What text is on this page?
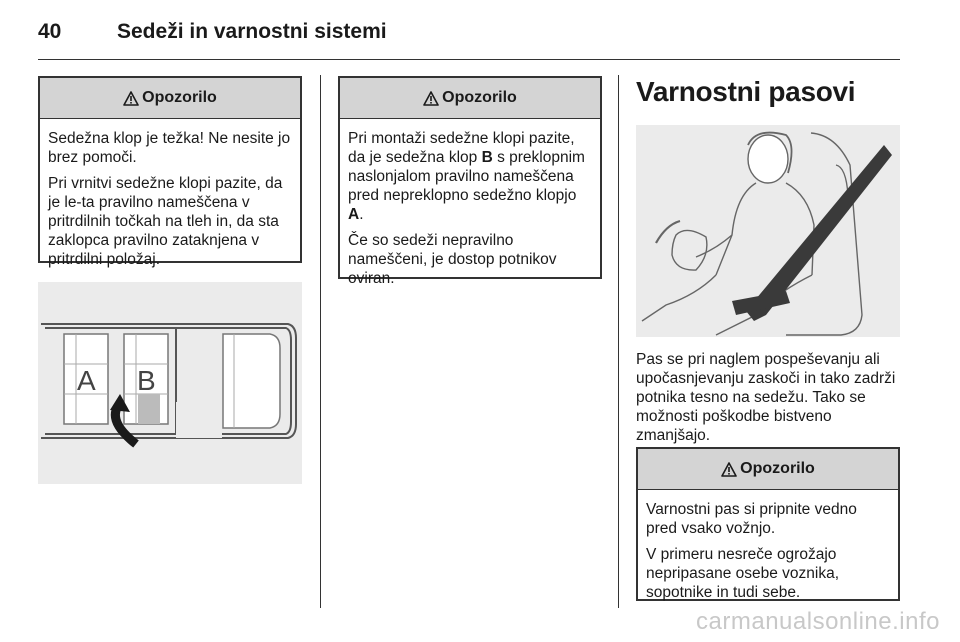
40	Sedeži in varnostni sistemi
Opozorilo

Sedežna klop je težka! Ne nesite jo brez pomoči.

Pri vrnitvi sedežne klopi pazite, da je le-ta pravilno nameščena v pritrdilnih točkah na tleh in, da sta zaklopca pravilno zataknjena v pritrdilni položaj.

A B
Opozorilo

Pri montaži sedežne klopi pazite, da je sedežna klop B s preklopnim naslonjalom pravilno nameščena pred nepreklopno sedežno klopjo A.

Če so sedeži nepravilno nameščeni, je dostop potnikov oviran.

Varnostni pasovi
Pas se pri naglem pospeševanju ali upočasnjevanju zaskoči in tako zadrži potnika tesno na sedežu. Tako se možnosti poškodbe bistveno zmanjšajo.
Opozorilo

Varnostni pas si pripnite vedno pred vsako vožnjo.

V primeru nesreče ogrožajo nepripasane osebe voznika, sopotnike in tudi sebe.

carmanualsonline.info
